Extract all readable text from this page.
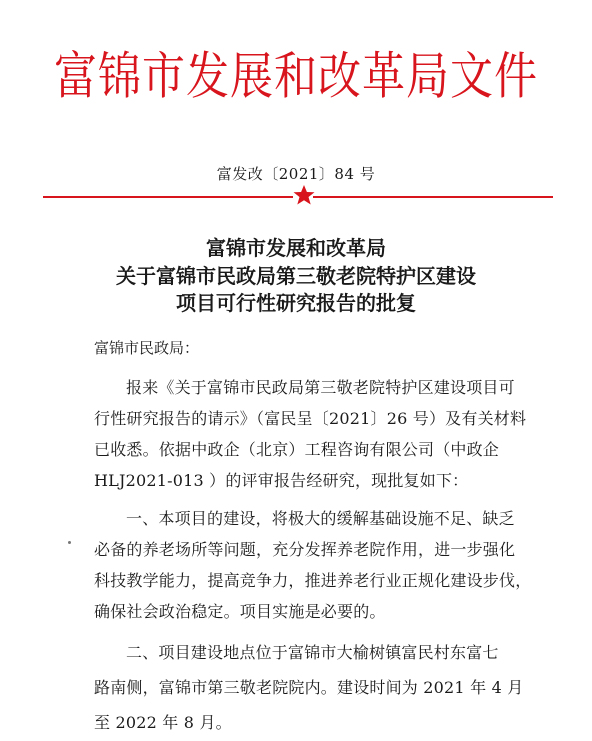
富锦市发展和改革局文件
富发改〔2021〕84 号
富锦市发展和改革局
关于富锦市民政局第三敬老院特护区建设
项目可行性研究报告的批复
富锦市民政局：
报来《关于富锦市民政局第三敬老院特护区建设项目可
行性研究报告的请示》（富民呈〔2021〕26 号）及有关材料
已收悉。依据中政企（北京）工程咨询有限公司（中政企
HLJ2021-013 ）的评审报告经研究，现批复如下：
一、本项目的建设，将极大的缓解基础设施不足、缺乏
必备的养老场所等问题，充分发挥养老院作用，进一步强化
科技教学能力，提高竞争力，推进养老行业正规化建设步伐，
确保社会政治稳定。项目实施是必要的。
二、项目建设地点位于富锦市大榆树镇富民村东富七
路南侧，富锦市第三敬老院院内。建设时间为 2021 年 4 月
至 2022 年 8 月。
